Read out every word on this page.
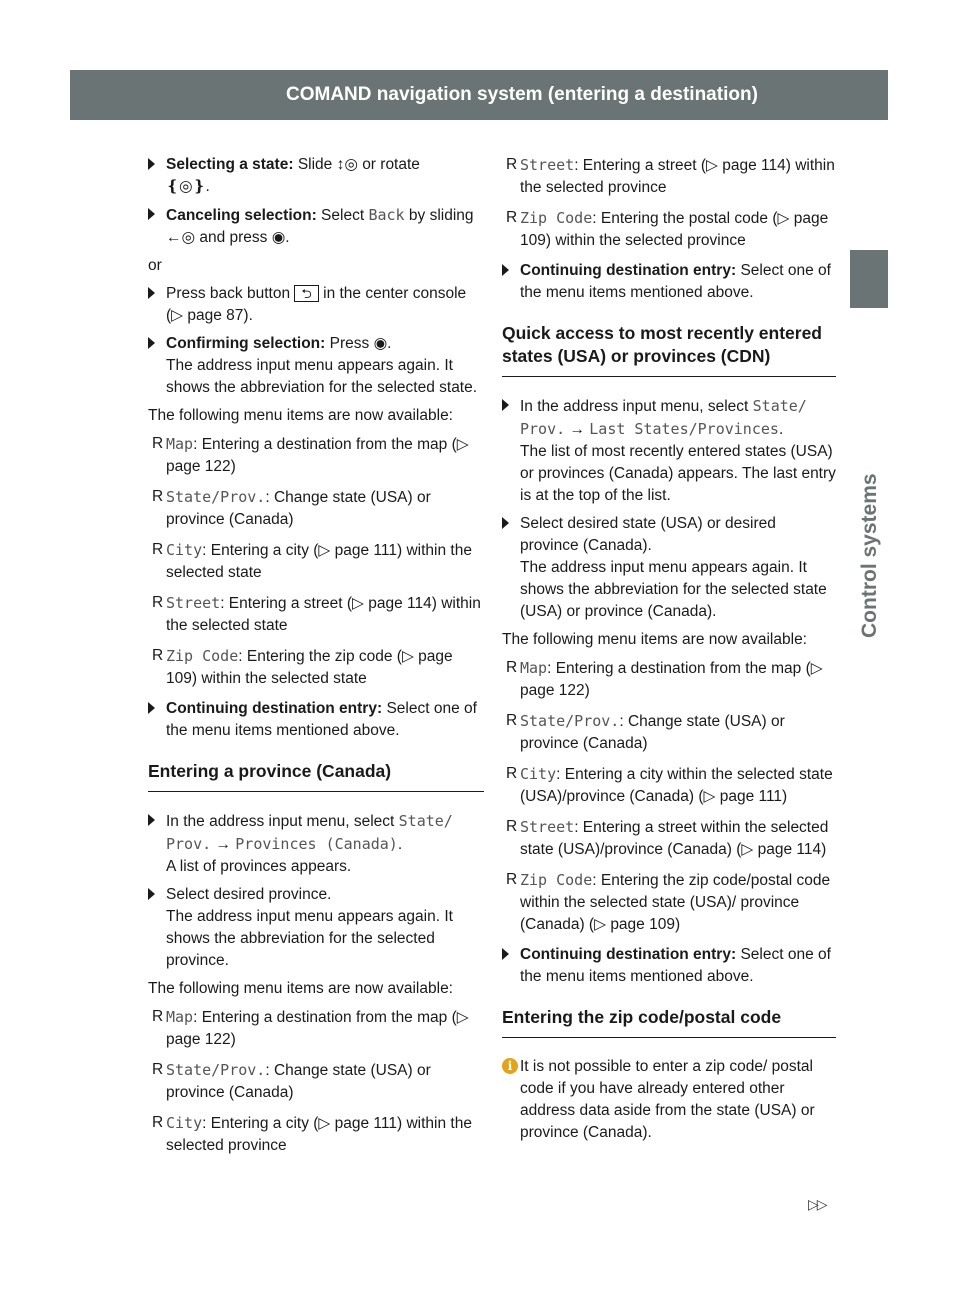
COMAND navigation system (entering a destination)	109
Control systems
Selecting a state: Slide ↕◎ or rotate
❴◎❵.
Canceling selection: Select Back by sliding ←◎ and press ◉.
or
Press back button ⮌ in the center console (▷ page 87).
Confirming selection: Press ◉.
The address input menu appears again. It shows the abbreviation for the selected state.
The following menu items are now available:
R Map: Entering a destination from the map (▷ page 122)
R State/Prov.: Change state (USA) or province (Canada)
R City: Entering a city (▷ page 111) within the selected state
R Street: Entering a street (▷ page 114) within the selected state
R Zip Code: Entering the zip code (▷ page 109) within the selected state
Continuing destination entry: Select one of the menu items mentioned above.
Entering a province (Canada)
In the address input menu, select State/ Prov. → Provinces (Canada).
A list of provinces appears.
Select desired province.
The address input menu appears again. It shows the abbreviation for the selected province.
The following menu items are now available:
R Map: Entering a destination from the map (▷ page 122)
R State/Prov.: Change state (USA) or province (Canada)
R City: Entering a city (▷ page 111) within the selected province
R Street: Entering a street (▷ page 114) within the selected province
R Zip Code: Entering the postal code (▷ page 109) within the selected province
Continuing destination entry: Select one of the menu items mentioned above.
Quick access to most recently entered states (USA) or provinces (CDN)
In the address input menu, select State/ Prov. → Last States/Provinces.
The list of most recently entered states (USA) or provinces (Canada) appears. The last entry is at the top of the list.
Select desired state (USA) or desired province (Canada).
The address input menu appears again. It shows the abbreviation for the selected state (USA) or province (Canada).
The following menu items are now available:
R Map: Entering a destination from the map (▷ page 122)
R State/Prov.: Change state (USA) or province (Canada)
R City: Entering a city within the selected state (USA)/province (Canada) (▷ page 111)
R Street: Entering a street within the selected state (USA)/province (Canada) (▷ page 114)
R Zip Code: Entering the zip code/postal code within the selected state (USA)/ province (Canada) (▷ page 109)
Continuing destination entry: Select one of the menu items mentioned above.
Entering the zip code/postal code
i It is not possible to enter a zip code/ postal code if you have already entered other address data aside from the state (USA) or province (Canada).
▷▷
